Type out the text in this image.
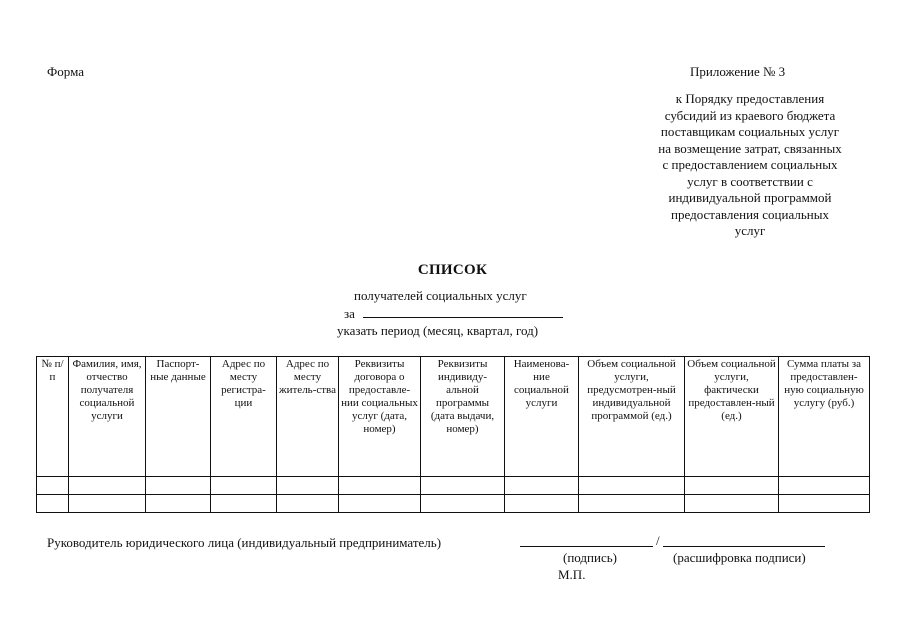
Форма	Приложение № 3
к Порядку предоставления
субсидий из краевого бюджета
поставщикам социальных услуг
на возмещение затрат, связанных
с предоставлением социальных
услуг в соответствии с
индивидуальной программой
предоставления социальных
услуг
СПИСОК
получателей социальных услуг
за
указать период (месяц, квартал, год)
№ п/п	Фамилия, имя, отчество получателя социальной услуги	Паспорт-ные данные	Адрес по месту регистра-ции	Адрес по месту житель-ства	Реквизиты договора о предоставле-нии социальных услуг (дата, номер)	Реквизиты индивиду-альной программы (дата выдачи, номер)	Наименова-ние социальной услуги	Объем социальной услуги, предусмотрен-ный индивидуальной программой (ед.)	Объем социальной услуги, фактически предоставлен-ный (ед.)	Сумма платы за предоставлен-ную социальную услугу (руб.)

Руководитель юридического лица (индивидуальный предприниматель)	/
(подпись)	(расшифровка подписи)
М.П.
